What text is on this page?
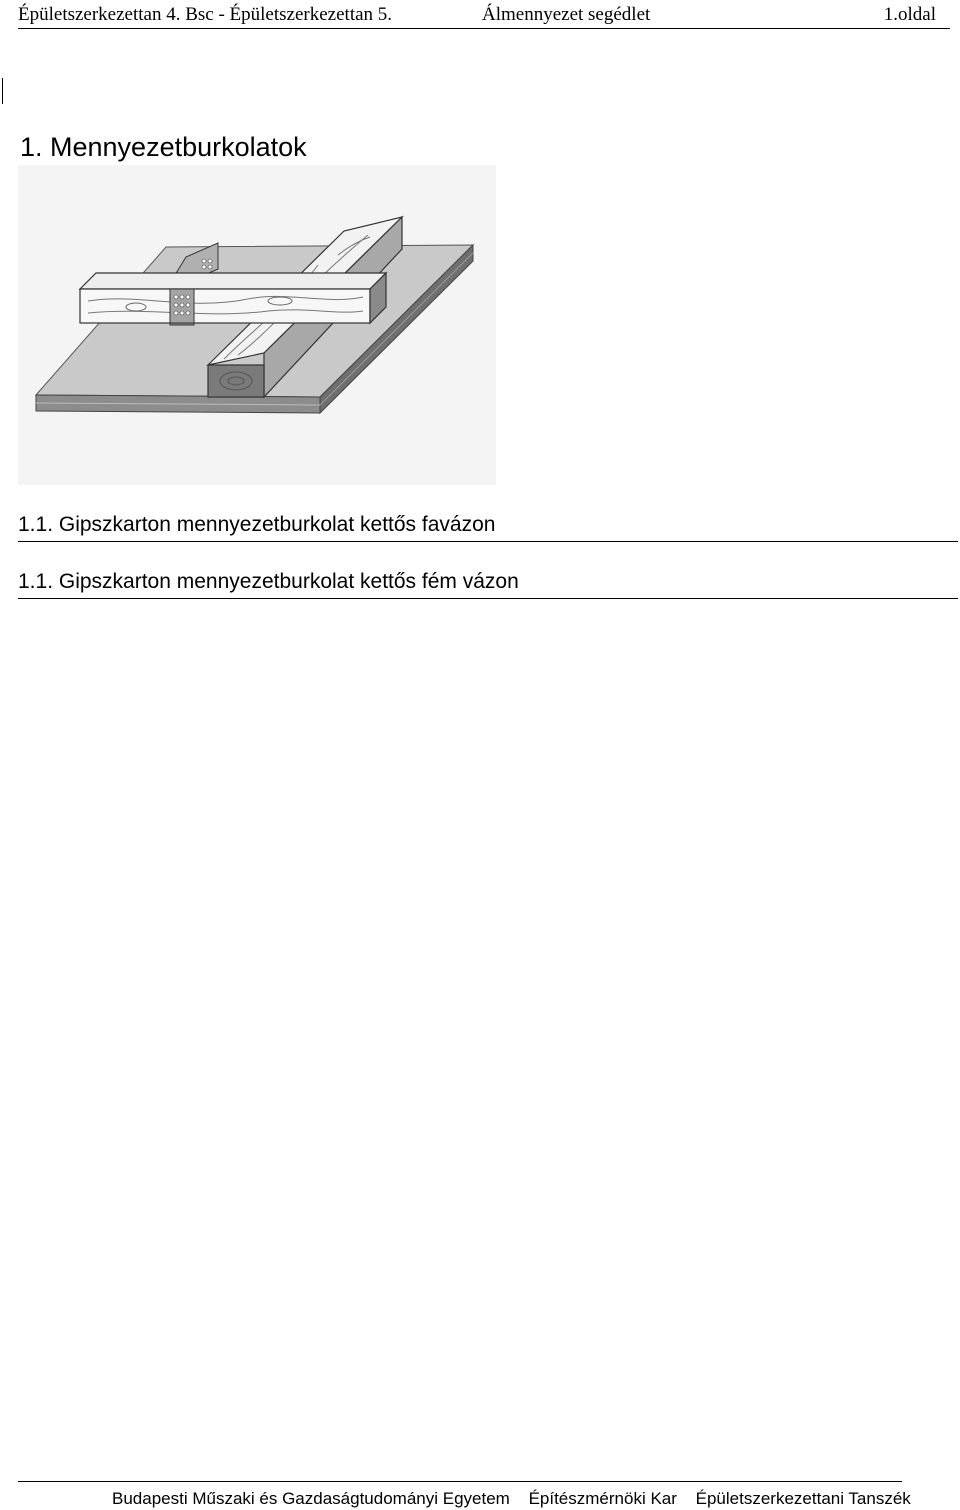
Épületszerkezettan 4. Bsc - Épületszerkezettan 5.	Álmennyezet segédlet	1.oldal
1. Mennyezetburkolatok
1.1. Gipszkarton mennyezetburkolat kettős favázon
1.1. Gipszkarton mennyezetburkolat kettős fém vázon
Budapesti Műszaki és Gazdaságtudományi Egyetem Építészmérnöki Kar Épületszerkezettani Tanszék
